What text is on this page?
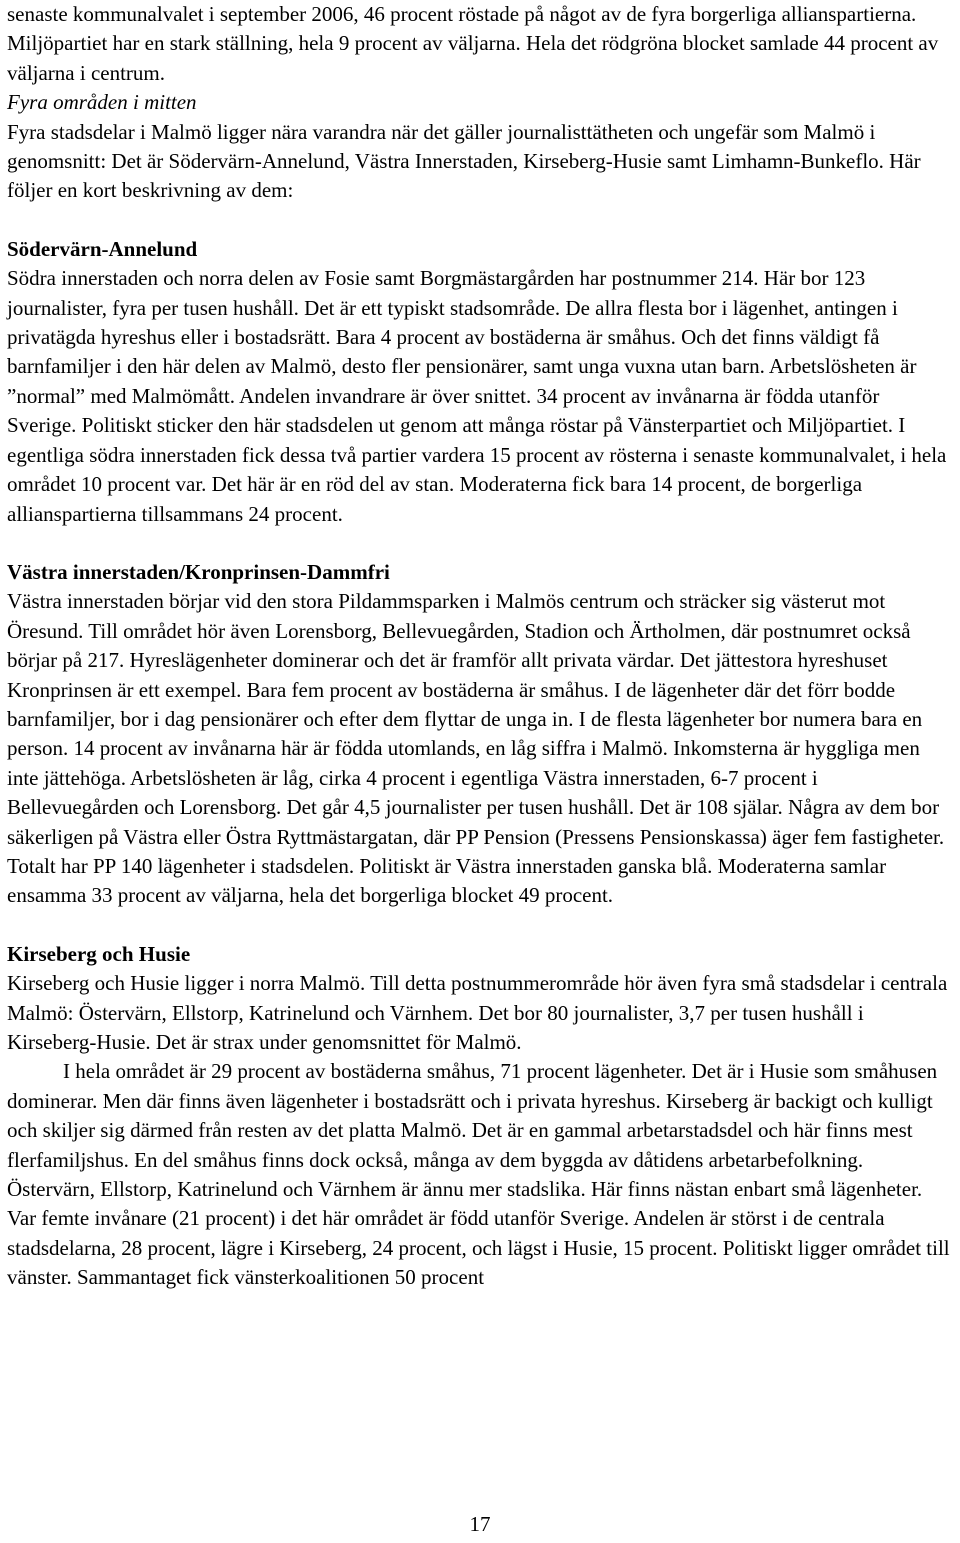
senaste kommunalvalet i september 2006, 46 procent röstade på något av de fyra borgerliga allianspartierna. Miljöpartiet har en stark ställning, hela 9 procent av väljarna. Hela det rödgröna blocket samlade 44 procent av väljarna i centrum.

Fyra områden i mitten

Fyra stadsdelar i Malmö ligger nära varandra när det gäller journalisttätheten och ungefär som Malmö i genomsnitt: Det är Södervärn-Annelund, Västra Innerstaden, Kirseberg-Husie samt Limhamn-Bunkeflo. Här följer en kort beskrivning av dem:

Södervärn-Annelund

Södra innerstaden och norra delen av Fosie samt Borgmästargården har postnummer 214. Här bor 123 journalister, fyra per tusen hushåll. Det är ett typiskt stadsområde. De allra flesta bor i lägenhet, antingen i privatägda hyreshus eller i bostadsrätt. Bara 4 procent av bostäderna är småhus. Och det finns väldigt få barnfamiljer i den här delen av Malmö, desto fler pensionärer, samt unga vuxna utan barn. Arbetslösheten är ”normal” med Malmömått. Andelen invandrare är över snittet. 34 procent av invånarna är födda utanför Sverige. Politiskt sticker den här stadsdelen ut genom att många röstar på Vänsterpartiet och Miljöpartiet. I egentliga södra innerstaden fick dessa två partier vardera 15 procent av rösterna i senaste kommunalvalet, i hela området 10 procent var. Det här är en röd del av stan. Moderaterna fick bara 14 procent, de borgerliga allianspartierna tillsammans 24 procent.

Västra innerstaden/Kronprinsen-Dammfri

Västra innerstaden börjar vid den stora Pildammsparken i Malmös centrum och sträcker sig västerut mot Öresund. Till området hör även Lorensborg, Bellevuegården, Stadion och Ärtholmen, där postnumret också börjar på 217. Hyreslägenheter dominerar och det är framför allt privata värdar. Det jättestora hyreshuset Kronprinsen är ett exempel. Bara fem procent av bostäderna är småhus. I de lägenheter där det förr bodde barnfamiljer, bor i dag pensionärer och efter dem flyttar de unga in. I de flesta lägenheter bor numera bara en person. 14 procent av invånarna här är födda utomlands, en låg siffra i Malmö. Inkomsterna är hyggliga men inte jättehöga. Arbetslösheten är låg, cirka 4 procent i egentliga Västra innerstaden, 6-7 procent i Bellevuegården och Lorensborg. Det går 4,5 journalister per tusen hushåll. Det är 108 själar. Några av dem bor säkerligen på Västra eller Östra Ryttmästargatan, där PP Pension (Pressens Pensionskassa) äger fem fastigheter. Totalt har PP 140 lägenheter i stadsdelen. Politiskt är Västra innerstaden ganska blå. Moderaterna samlar ensamma 33 procent av väljarna, hela det borgerliga blocket 49 procent.

Kirseberg och Husie

Kirseberg och Husie ligger i norra Malmö. Till detta postnummerområde hör även fyra små stadsdelar i centrala Malmö: Östervärn, Ellstorp, Katrinelund och Värnhem. Det bor 80 journalister, 3,7 per tusen hushåll i Kirseberg-Husie. Det är strax under genomsnittet för Malmö.

I hela området är 29 procent av bostäderna småhus, 71 procent lägenheter. Det är i Husie som småhusen dominerar. Men där finns även lägenheter i bostadsrätt och i privata hyreshus. Kirseberg är backigt och kulligt och skiljer sig därmed från resten av det platta Malmö. Det är en gammal arbetarstadsdel och här finns mest flerfamiljshus. En del småhus finns dock också, många av dem byggda av dåtidens arbetarbefolkning. Östervärn, Ellstorp, Katrinelund och Värnhem är ännu mer stadslika. Här finns nästan enbart små lägenheter.

Var femte invånare (21 procent) i det här området är född utanför Sverige. Andelen är störst i de centrala stadsdelarna, 28 procent, lägre i Kirseberg, 24 procent, och lägst i Husie, 15 procent. Politiskt ligger området till vänster. Sammantaget fick vänsterkoalitionen 50 procent

17
